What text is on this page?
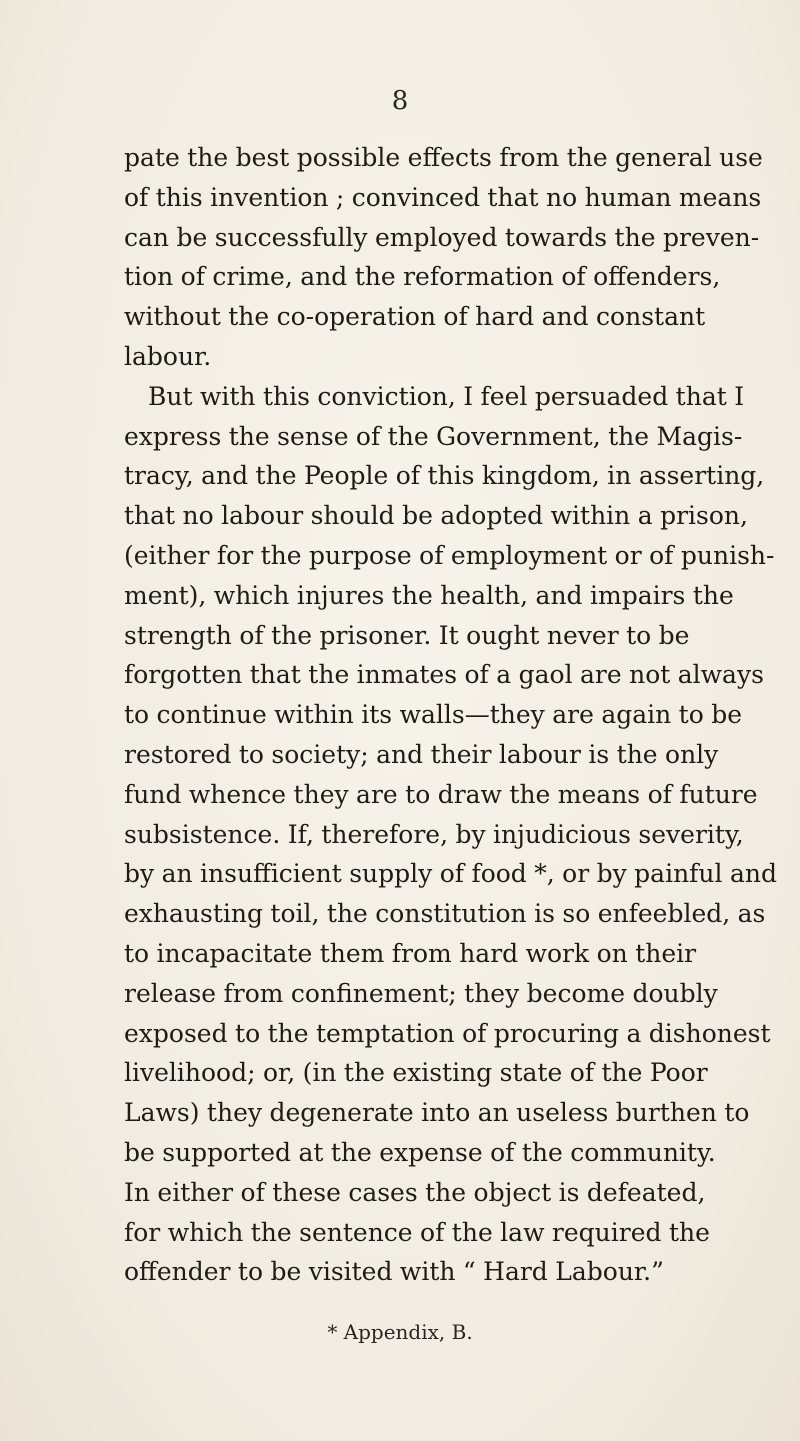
8
pate the best possible effects from the general use
of this invention ; convinced that no human means
can be successfully employed towards the preven-
tion of crime, and the reformation of offenders,
without the co-operation of hard and constant
labour.
But with this conviction, I feel persuaded that I
express the sense of the Government, the Magis-
tracy, and the People of this kingdom, in asserting,
that no labour should be adopted within a prison,
(either for the purpose of employment or of punish-
ment), which injures the health, and impairs the
strength of the prisoner. It ought never to be
forgotten that the inmates of a gaol are not always
to continue within its walls—they are again to be
restored to society; and their labour is the only
fund whence they are to draw the means of future
subsistence. If, therefore, by injudicious severity,
by an insufficient supply of food *, or by painful and
exhausting toil, the constitution is so enfeebled, as
to incapacitate them from hard work on their
release from confinement; they become doubly
exposed to the temptation of procuring a dishonest
livelihood; or, (in the existing state of the Poor
Laws) they degenerate into an useless burthen to
be supported at the expense of the community.
In either of these cases the object is defeated,
for which the sentence of the law required the
offender to be visited with “ Hard Labour.”
* Appendix, B.
